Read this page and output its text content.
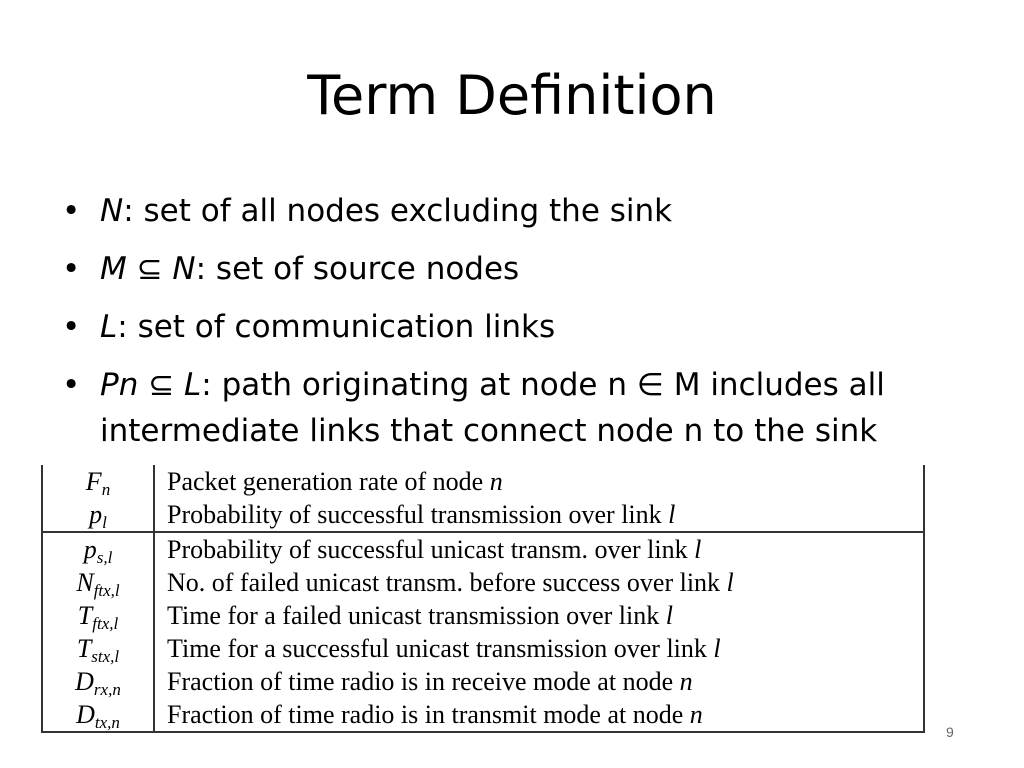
Term Definition
• N: set of all nodes excluding the sink
• M ⊆ N: set of source nodes
• L: set of communication links
• Pn ⊆ L: path originating at node n ∈ M includes all intermediate links that connect node n to the sink
$F_n$	Packet generation rate of node n
$p_l$	Probability of successful transmission over link l
$p_{s,l}$	Probability of successful unicast transm. over link l
$N_{ftx,l}$	No. of failed unicast transm. before success over link l
$T_{ftx,l}$	Time for a failed unicast transmission over link l
$T_{stx,l}$	Time for a successful unicast transmission over link l
$D_{rx,n}$	Fraction of time radio is in receive mode at node n
$D_{tx,n}$	Fraction of time radio is in transmit mode at node n
9
